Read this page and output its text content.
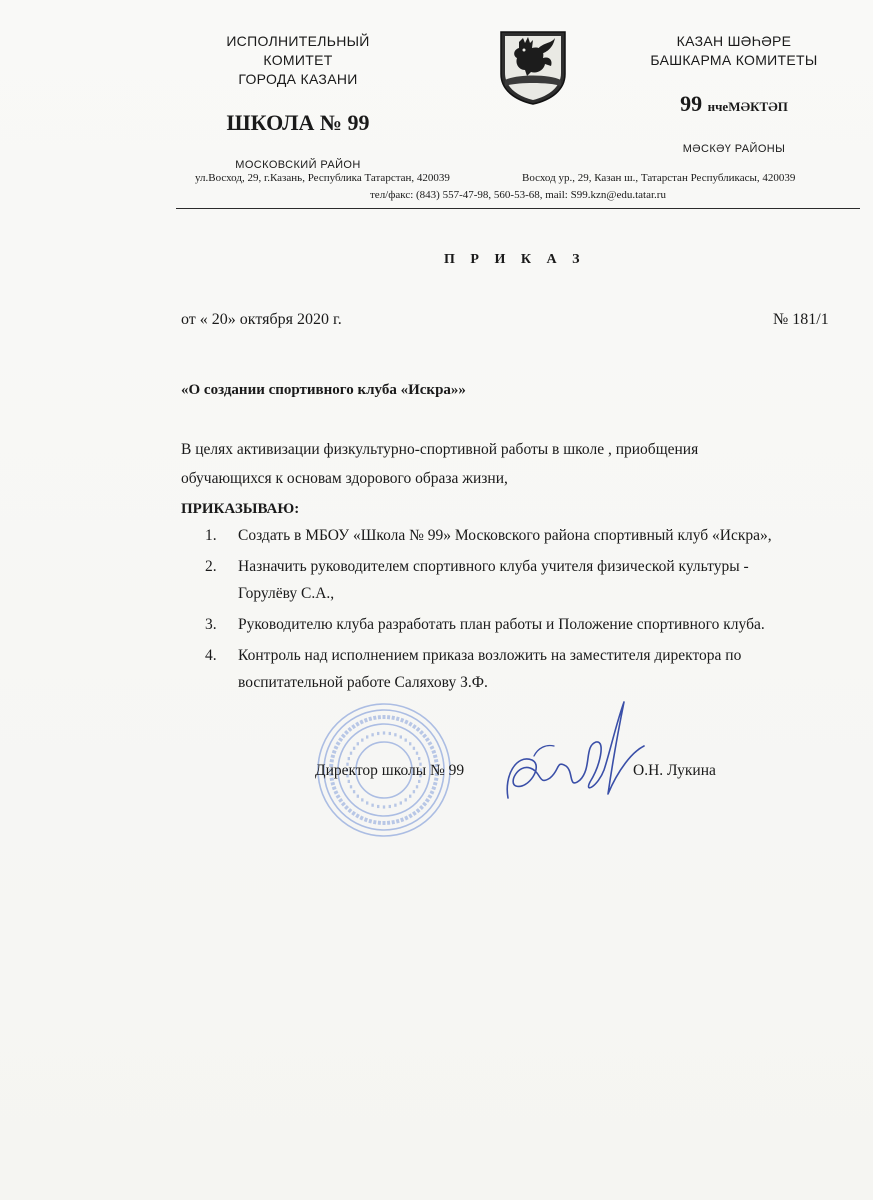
ИСПОЛНИТЕЛЬНЫЙ КОМИТЕТ
ГОРОДА КАЗАНИ
ШКОЛА № 99
МОСКОВСКИЙ РАЙОН
КАЗАН ШӘҺӘРЕ
БАШКАРМА КОМИТЕТЫ
99 нчеМӘКТӘП
МӘСКӘҮ РАЙОНЫ
ул.Восход, 29, г.Казань, Республика Татарстан, 420039	Восход ур., 29, Казан ш., Татарстан Республикасы, 420039
тел/факс: (843) 557-47-98, 560-53-68, mail: S99.kzn@edu.tatar.ru
П Р И К А З
от « 20» октября 2020 г.	№ 181/1
«О создании спортивного клуба «Искра»»
В целях активизации физкультурно-спортивной работы в школе , приобщения
обучающихся к основам здорового образа жизни,
ПРИКАЗЫВАЮ:
1. Создать в МБОУ «Школа № 99» Московского района спортивный клуб «Искра»,
2. Назначить руководителем спортивного клуба учителя физической культуры -
Горулёву С.А.,
3. Руководителю клуба разработать план работы и Положение спортивного клуба.
4. Контроль над исполнением приказа возложить на заместителя директора по
воспитательной работе Саляхову З.Ф.
Директор школы № 99	О.Н. Лукина
